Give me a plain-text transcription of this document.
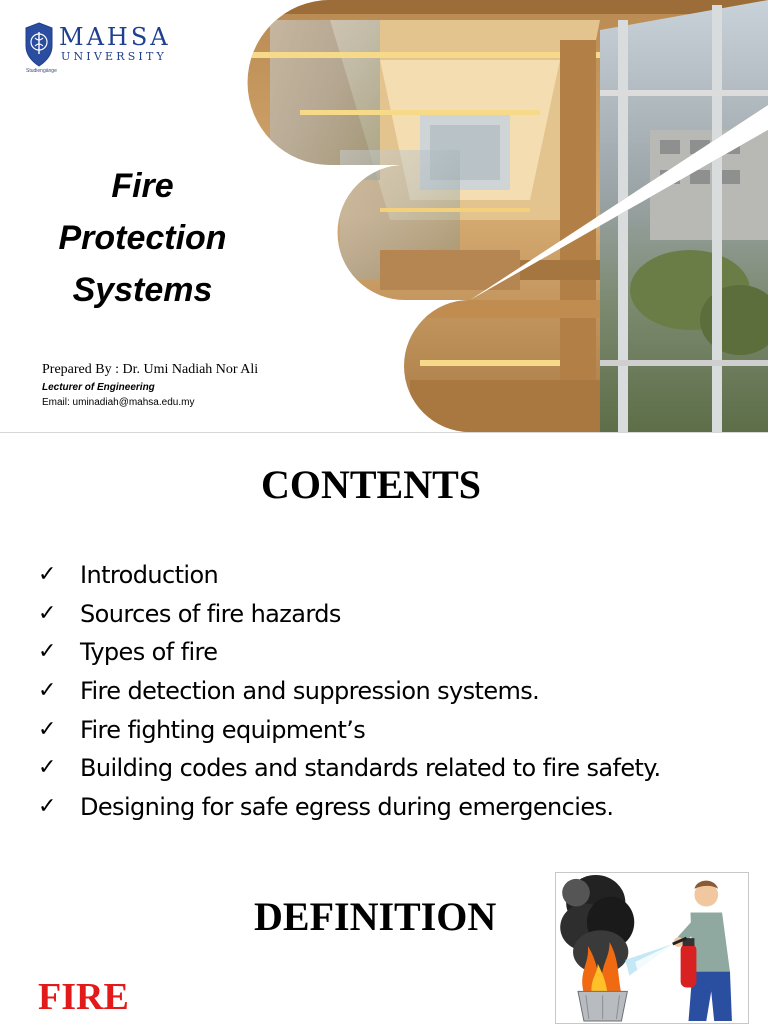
MAHSA
UNIVERSITY
Studiengänge
Fire
Protection
Systems
Prepared By : Dr. Umi Nadiah Nor Ali
Lecturer of Engineering
Email: uminadiah@mahsa.edu.my
CONTENTS
✓ Introduction
✓ Sources of fire hazards
✓ Types of fire
✓ Fire detection and suppression systems.
✓ Fire fighting equipment’s
✓ Building codes and standards related to fire safety.
✓ Designing for safe egress during emergencies.
DEFINITION
FIRE
